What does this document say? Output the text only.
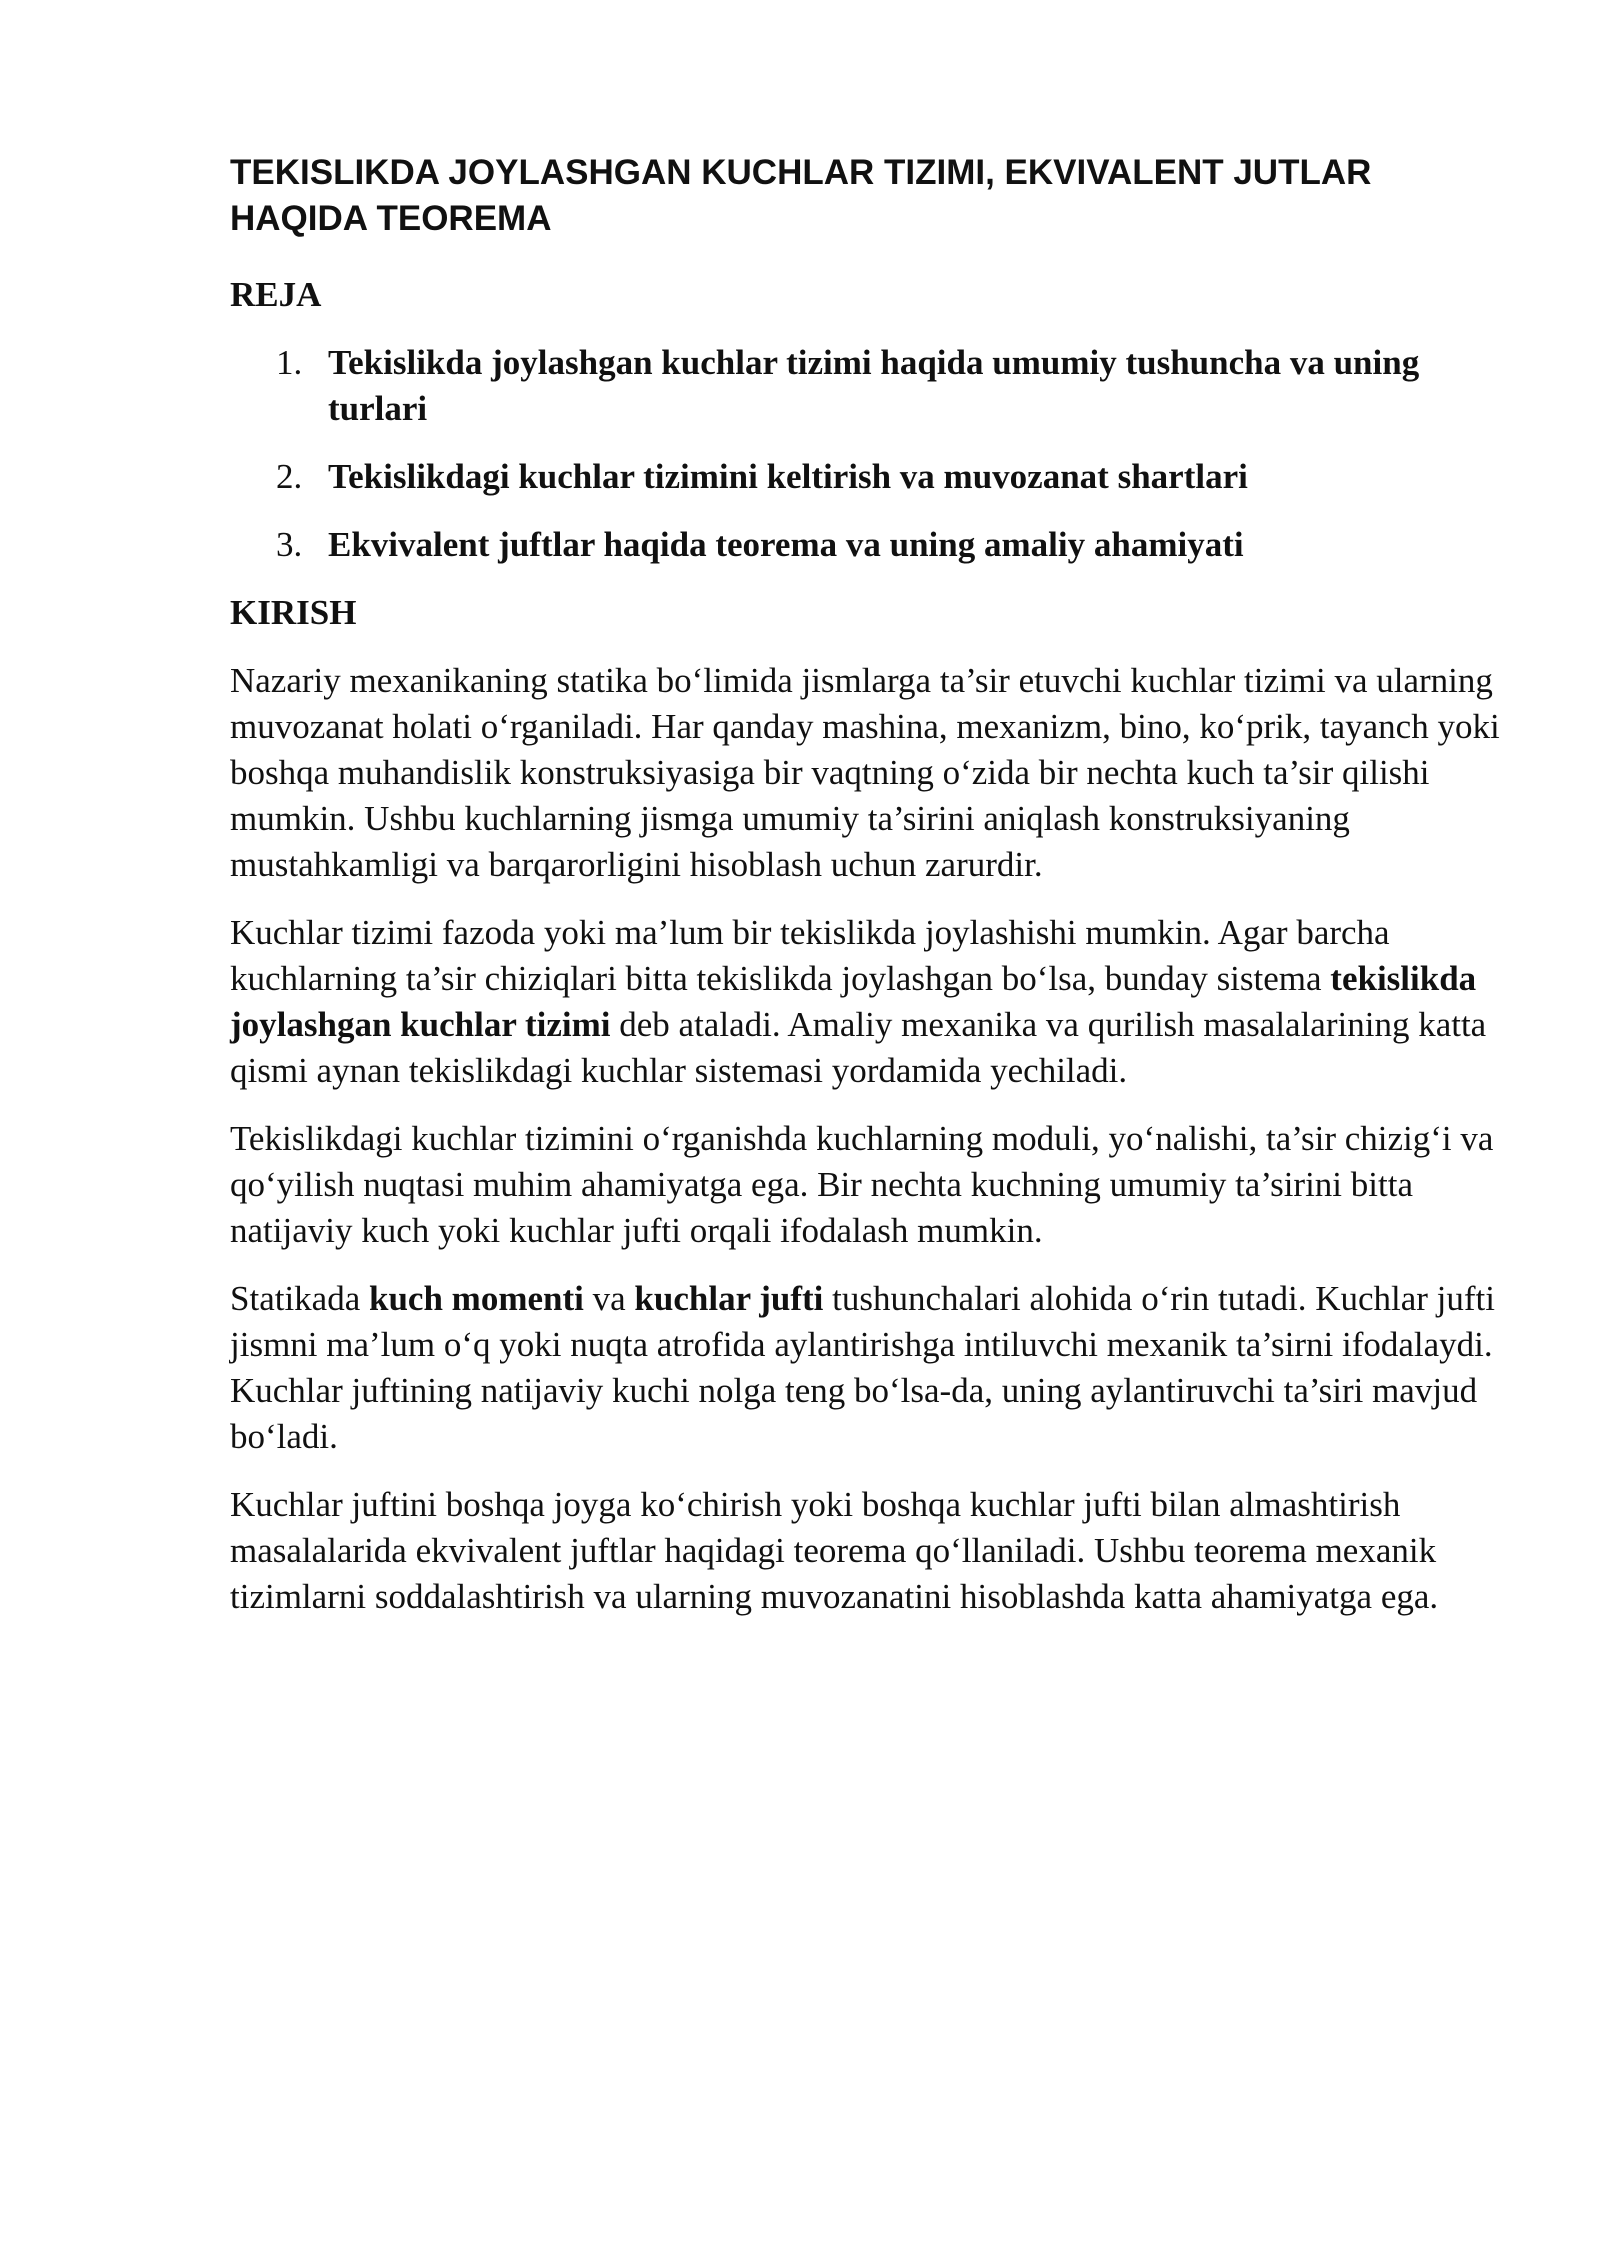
TEKISLIKDA JOYLASHGAN KUCHLAR TIZIMI, EKVIVALENT JUTLAR HAQIDA TEOREMA
REJA
1. Tekislikda joylashgan kuchlar tizimi haqida umumiy tushuncha va uning turlari
2. Tekislikdagi kuchlar tizimini keltirish va muvozanat shartlari
3. Ekvivalent juftlar haqida teorema va uning amaliy ahamiyati
KIRISH

Nazariy mexanikaning statika bo‘limida jismlarga ta’sir etuvchi kuchlar tizimi va ularning muvozanat holati o‘rganiladi. Har qanday mashina, mexanizm, bino, ko‘prik, tayanch yoki boshqa muhandislik konstruksiyasiga bir vaqtning o‘zida bir nechta kuch ta’sir qilishi mumkin. Ushbu kuchlarning jismga umumiy ta’sirini aniqlash konstruksiyaning mustahkamligi va barqarorligini hisoblash uchun zarurdir.

Kuchlar tizimi fazoda yoki ma’lum bir tekislikda joylashishi mumkin. Agar barcha kuchlarning ta’sir chiziqlari bitta tekislikda joylashgan bo‘lsa, bunday sistema tekislikda joylashgan kuchlar tizimi deb ataladi. Amaliy mexanika va qurilish masalalarining katta qismi aynan tekislikdagi kuchlar sistemasi yordamida yechiladi.

Tekislikdagi kuchlar tizimini o‘rganishda kuchlarning moduli, yo‘nalishi, ta’sir chizig‘i va qo‘yilish nuqtasi muhim ahamiyatga ega. Bir nechta kuchning umumiy ta’sirini bitta natijaviy kuch yoki kuchlar jufti orqali ifodalash mumkin.

Statikada kuch momenti va kuchlar jufti tushunchalari alohida o‘rin tutadi. Kuchlar jufti jismni ma’lum o‘q yoki nuqta atrofida aylantirishga intiluvchi mexanik ta’sirni ifodalaydi. Kuchlar juftining natijaviy kuchi nolga teng bo‘lsa-da, uning aylantiruvchi ta’siri mavjud bo‘ladi.

Kuchlar juftini boshqa joyga ko‘chirish yoki boshqa kuchlar jufti bilan almashtirish masalalarida ekvivalent juftlar haqidagi teorema qo‘llaniladi. Ushbu teorema mexanik tizimlarni soddalashtirish va ularning muvozanatini hisoblashda katta ahamiyatga ega.
